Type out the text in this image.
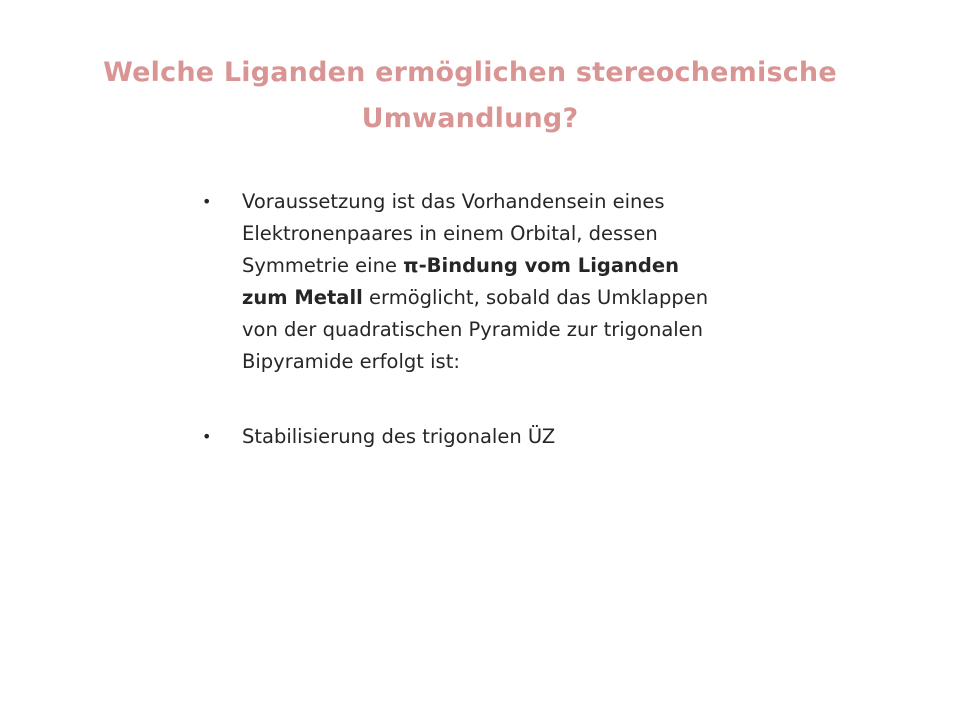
Welche Liganden ermöglichen stereochemische
Umwandlung?
• Voraussetzung ist das Vorhandensein eines Elektronenpaares in einem Orbital, dessen Symmetrie eine π-Bindung vom Liganden zum Metall ermöglicht, sobald das Umklappen von der quadratischen Pyramide zur trigonalen Bipyramide erfolgt ist:
• Stabilisierung des trigonalen ÜZ
